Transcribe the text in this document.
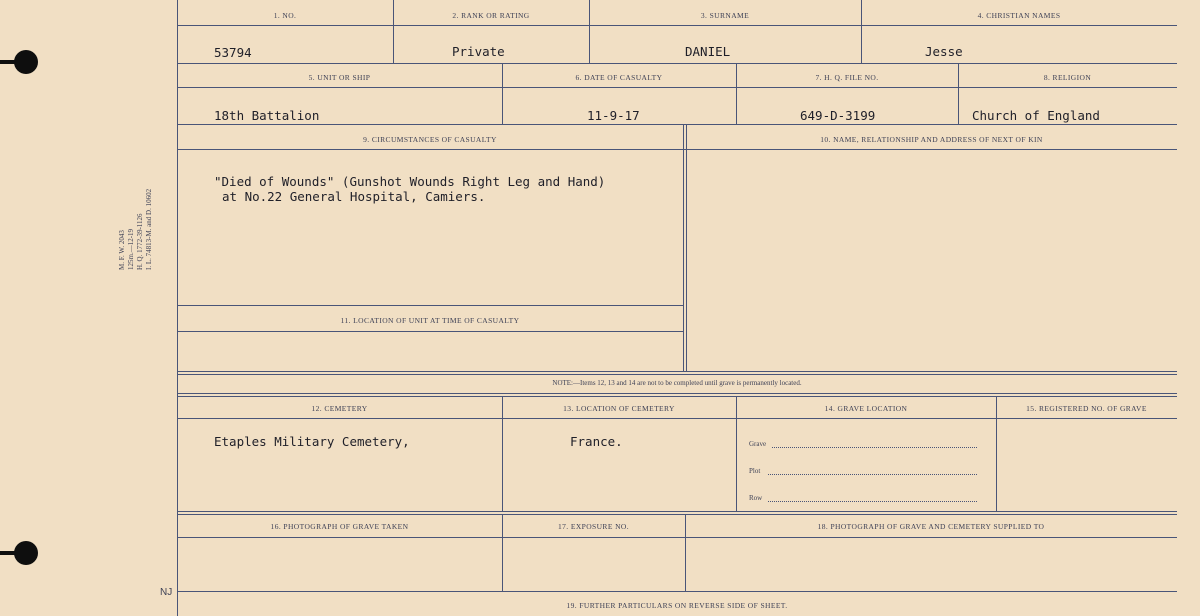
M. F. W. 2043 125m.—12-19 H. Q. 1772-39-1126 I. L. 74813-M. and D. 10602
NJ
1. NO.	2. RANK OR RATING	3. SURNAME	4. CHRISTIAN NAMES
53794	Private	DANIEL	Jesse
5. UNIT OR SHIP	6. DATE OF CASUALTY	7. H. Q. FILE NO.	8. RELIGION
18th Battalion	11-9-17	649-D-3199	Church of England
9. CIRCUMSTANCES OF CASUALTY	10. NAME, RELATIONSHIP AND ADDRESS OF NEXT OF KIN
"Died of Wounds" (Gunshot Wounds Right Leg and Hand)
at No.22 General Hospital, Camiers.
11. LOCATION OF UNIT AT TIME OF CASUALTY
NOTE:—Items 12, 13 and 14 are not to be completed until grave is permanently located.
12. CEMETERY	13. LOCATION OF CEMETERY	14. GRAVE LOCATION	15. REGISTERED NO. OF GRAVE
Etaples Military Cemetery,	France.	Grave
Plot
Row
16. PHOTOGRAPH OF GRAVE TAKEN	17. EXPOSURE NO.	18. PHOTOGRAPH OF GRAVE AND CEMETERY SUPPLIED TO
19. FURTHER PARTICULARS ON REVERSE SIDE OF SHEET.
